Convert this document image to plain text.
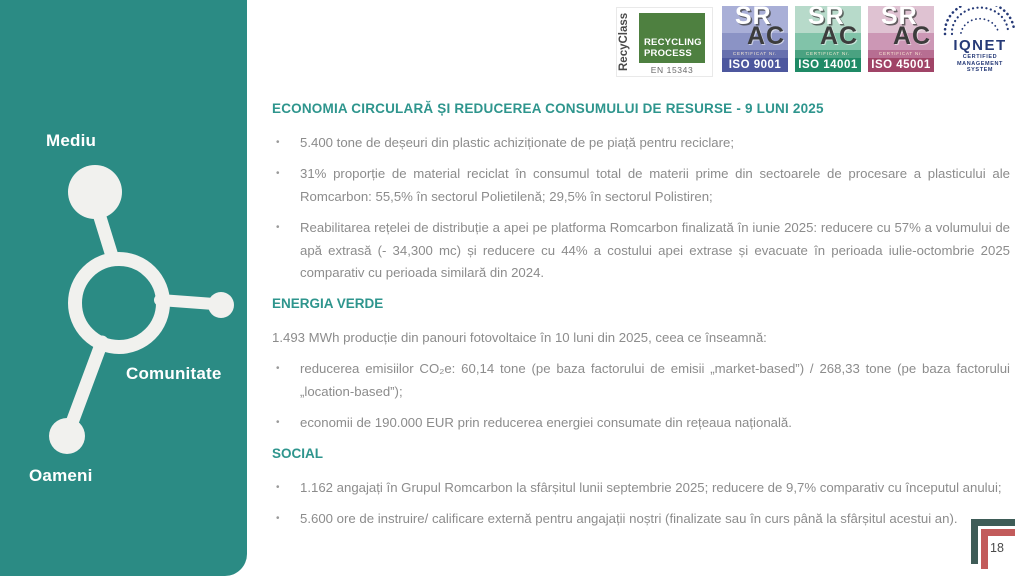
Mediu
Comunitate
Oameni
RecyClass	RECYCLING
PROCESS
EN 15343
CERTIFICAT Nr.
ISO 9001
SR
AC
CERTIFICAT Nr.
ISO 14001
SR
AC
CERTIFICAT Nr.
ISO 45001
SR
AC	IQNET
CERTIFIED
MANAGEMENT
SYSTEM
ECONOMIA CIRCULARĂ ȘI REDUCEREA CONSUMULUI DE RESURSE - 9 LUNI 2025
•	5.400 tone de deșeuri din plastic achiziționate de pe piață pentru reciclare;
•	31% proporție de material reciclat în consumul total de materii prime din sectoarele de procesare a plasticului ale Romcarbon: 55,5% în sectorul Polietilenă; 29,5% în sectorul Polistiren;
•	Reabilitarea rețelei de distribuție a apei pe platforma Romcarbon finalizată în iunie 2025: reducere cu 57% a volumului de apă extrasă (- 34,300 mc) și reducere cu 44% a costului apei extrase și evacuate în perioada iulie-octombrie 2025 comparativ cu perioada similară din 2024.
ENERGIA VERDE
1.493 MWh producție din panouri fotovoltaice în 10 luni din 2025, ceea ce înseamnă:
•	reducerea emisiilor CO₂e: 60,14 tone (pe baza factorului de emisii „market-based”) / 268,33 tone (pe baza factorului „location-based”);
•	economii de 190.000 EUR prin reducerea energiei consumate din rețeaua națională.
SOCIAL
•	1.162 angajați în Grupul Romcarbon la sfârșitul lunii septembrie 2025; reducere de 9,7% comparativ cu începutul anului;
•	5.600 ore de instruire/ calificare externă pentru angajații noștri (finalizate sau în curs până la sfârșitul acestui an).
18
